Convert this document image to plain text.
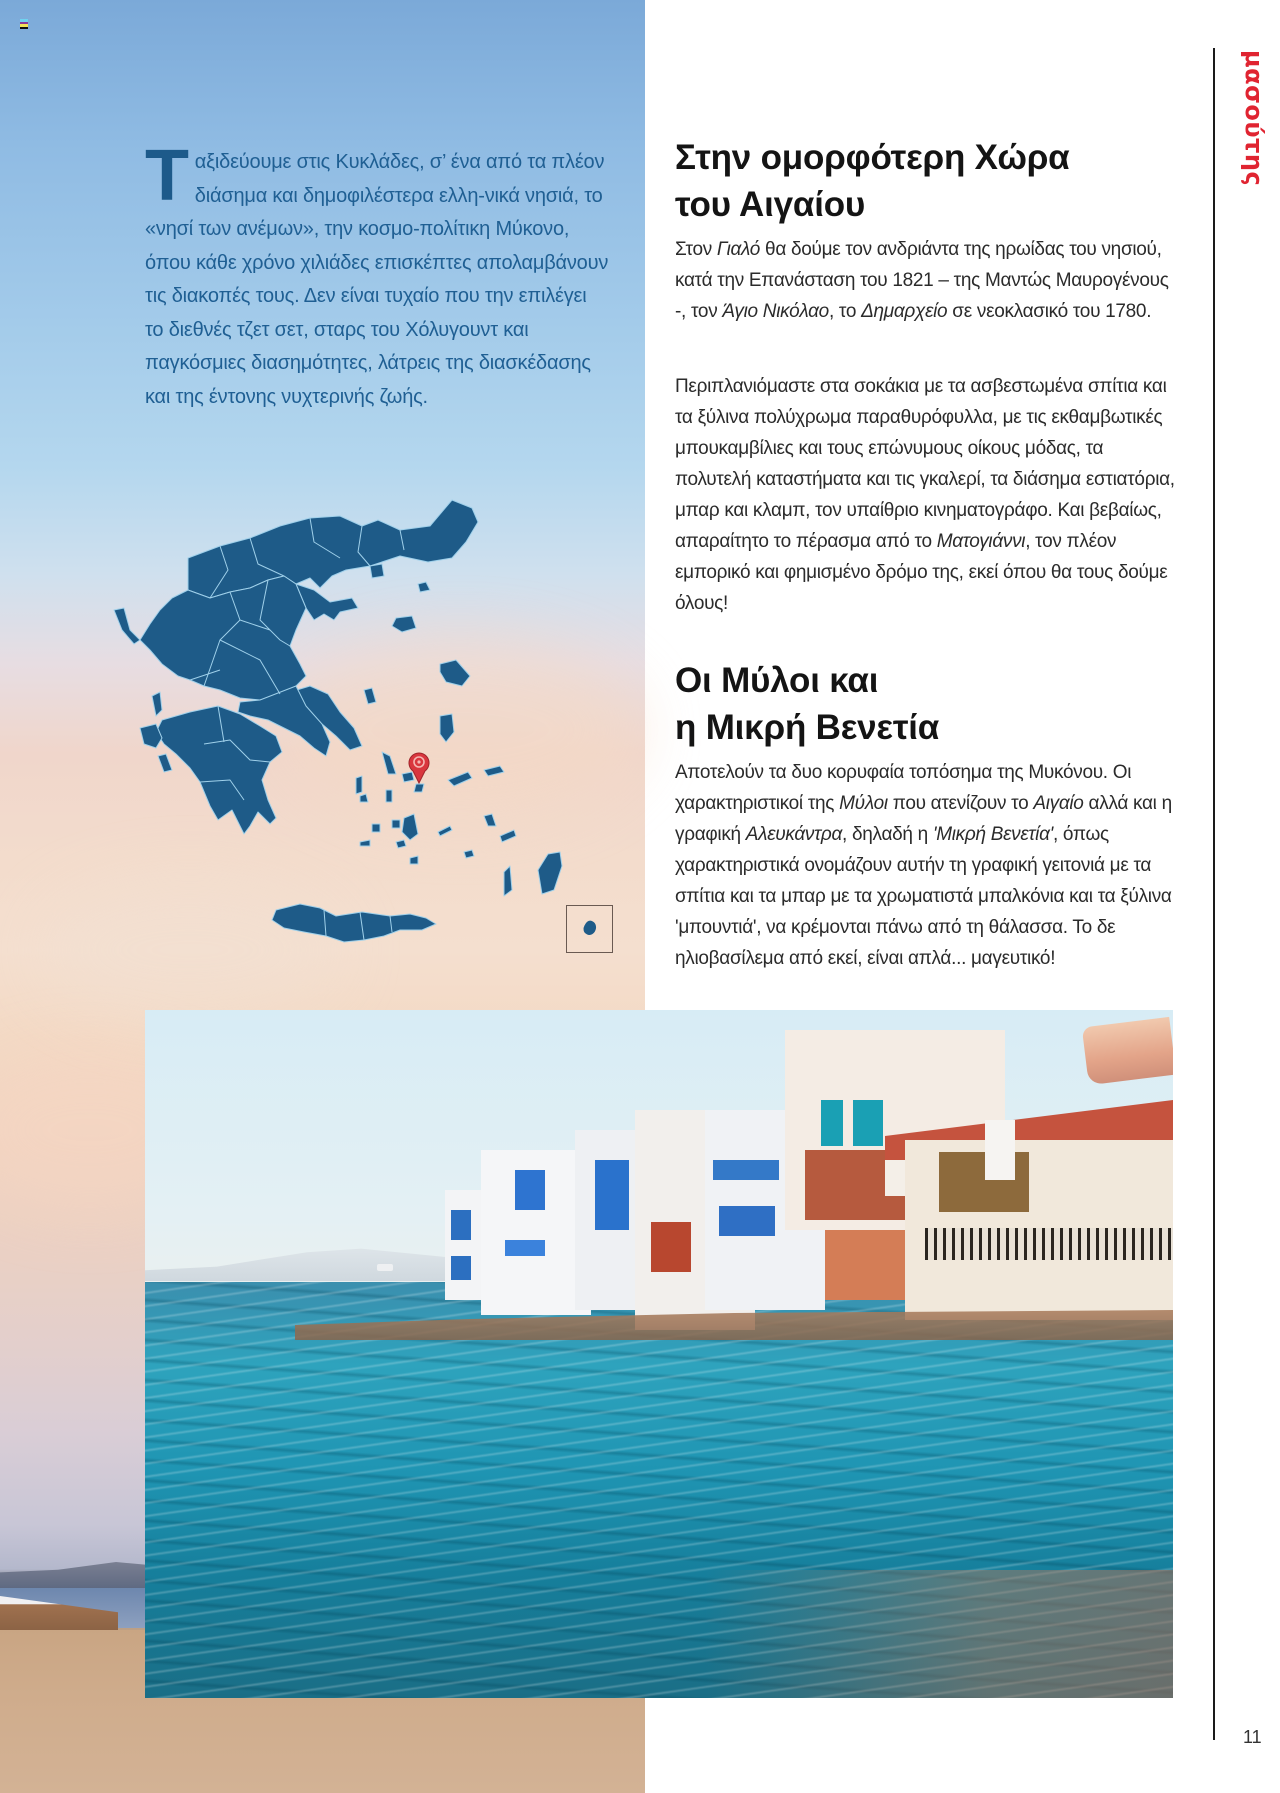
Τ αξιδεύουμε στις Κυκλάδες, σ’ ένα από τα πλέον διάσημα και δημοφιλέστερα ελλη-νικά νησιά, το «νησί των ανέμων», την κοσμο-πολίτικη Μύκονο, όπου κάθε χρόνο χιλιάδες επισκέπτες απολαμβάνουν τις διακοπές τους. Δεν είναι τυχαίο που την επιλέγει το διεθνές τζετ σετ, σταρς του Χόλυγουντ και παγκόσμιες διασημότητες, λάτρεις της διασκέδασης και της έντονης νυχτερινής ζωής.
Στην ομορφότερη Χώρα
του Αιγαίου
Στον Γιαλό θα δούμε τον ανδριάντα της ηρωίδας του νησιού, κατά την Επανάσταση του 1821 – της Μαντώς Μαυρογένους -, τον Άγιο Νικόλαο, το Δημαρχείο σε νεοκλασικό του 1780.
Περιπλανιόμαστε στα σοκάκια με τα ασβεστωμένα σπίτια και τα ξύλινα πολύχρωμα παραθυρόφυλλα, με τις εκθαμβωτικές μπουκαμβίλιες και τους επώνυμους οίκους μόδας, τα πολυτελή καταστήματα και τις γκαλερί, τα διάσημα εστιατόρια, μπαρ και κλαμπ, τον υπαίθριο κινηματογράφο. Και βεβαίως, απαραίτητο το πέρασμα από το Ματογιάννι, τον πλέον εμπορικό και φημισμένο δρόμο της, εκεί όπου θα τους δούμε όλους!
Οι Μύλοι και
η Μικρή Βενετία
Αποτελούν τα δυο κορυφαία τοπόσημα της Μυκόνου. Οι χαρακτηριστικοί της Μύλοι που ατενίζουν το Αιγαίο αλλά και η γραφική Αλευκάντρα, δηλαδή η 'Μικρή Βενετία', όπως χαρακτηριστικά ονομάζουν αυτήν τη γραφική γειτονιά με τα σπίτια και τα μπαρ με τα χρωματιστά μπαλκόνια και τα ξύλινα 'μπουντιά', να κρέμονται πάνω από τη θάλασσα. Το δε ηλιοβασίλεμα από εκεί, είναι απλά... μαγευτικό!
μασούτης
11
